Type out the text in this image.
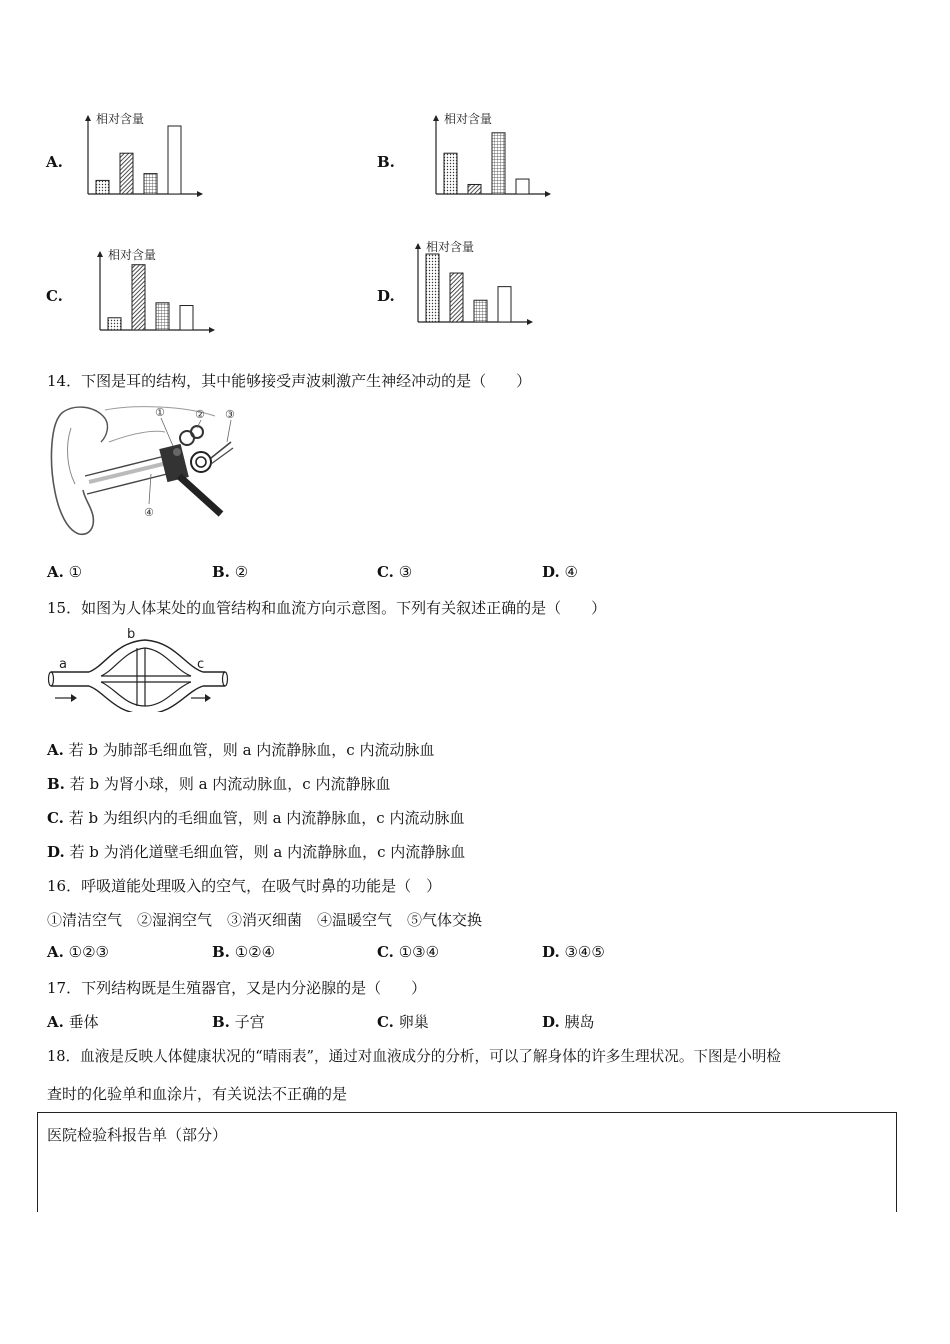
A.
相对含量
B.
相对含量
C.
相对含量
D.
相对含量
14．下图是耳的结构，其中能够接受声波刺激产生神经冲动的是（　　）
①	② ③
④
A. ①	B. ②	C. ③	D. ④
15．如图为人体某处的血管结构和血流方向示意图。下列有关叙述正确的是（　　）
a
b
c
A. 若 b 为肺部毛细血管，则 a 内流静脉血，c 内流动脉血
B. 若 b 为肾小球，则 a 内流动脉血，c 内流静脉血
C. 若 b 为组织内的毛细血管，则 a 内流静脉血，c 内流动脉血
D. 若 b 为消化道壁毛细血管，则 a 内流静脉血，c 内流静脉血
16．呼吸道能处理吸入的空气，在吸气时鼻的功能是（　）
①清洁空气　②湿润空气　③消灭细菌　④温暖空气　⑤气体交换
A. ①②③	B. ①②④	C. ①③④	D. ③④⑤
17．下列结构既是生殖器官，又是内分泌腺的是（　　）
A. 垂体	B. 子宫	C. 卵巢	D. 胰岛
18．血液是反映人体健康状况的“晴雨表”，通过对血液成分的分析，可以了解身体的许多生理状况。下图是小明检
查时的化验单和血涂片，有关说法不正确的是
医院检验科报告单（部分）
